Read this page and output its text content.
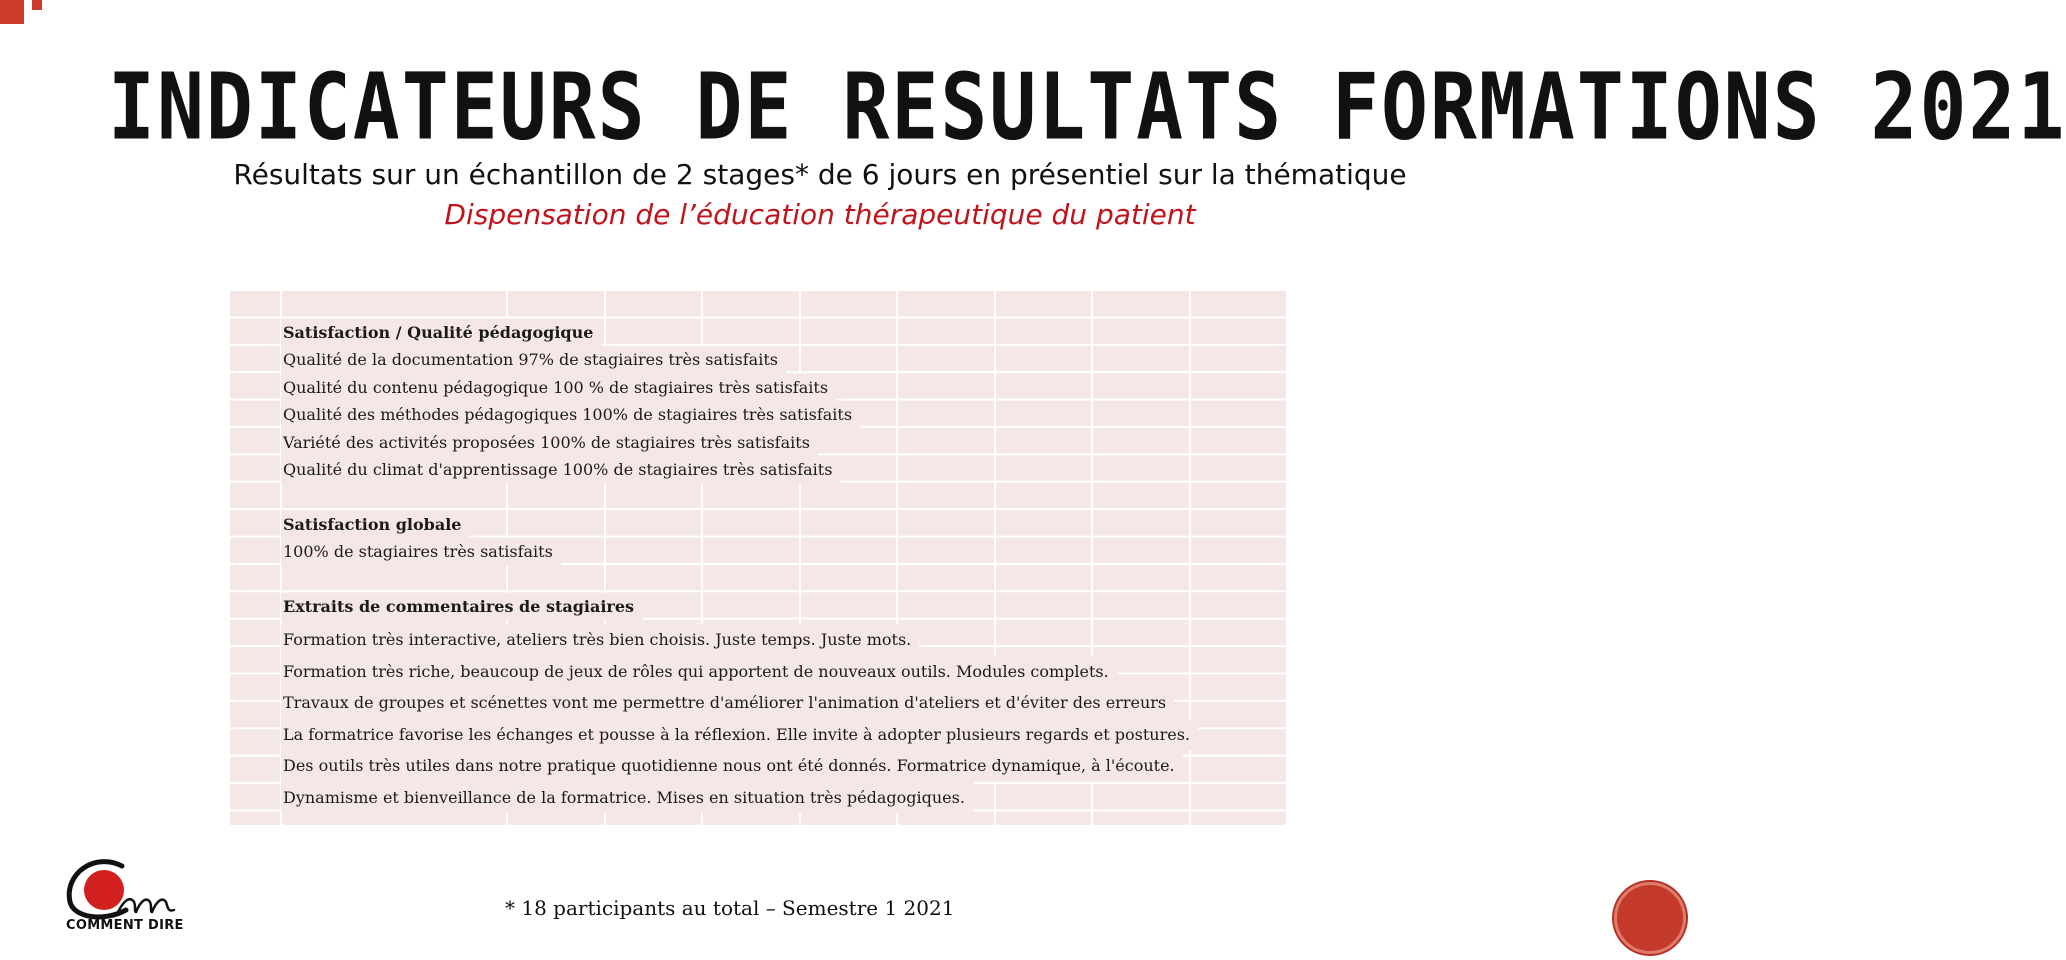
INDICATEURS DE RESULTATS FORMATIONS 2021
Résultats sur un échantillon de 2 stages* de 6 jours en présentiel sur la thématique
Dispensation de l’éducation thérapeutique du patient
Satisfaction / Qualité pédagogique
Qualité de la documentation 97% de stagiaires très satisfaits
Qualité du contenu pédagogique 100 % de stagiaires très satisfaits
Qualité des méthodes pédagogiques 100% de stagiaires très satisfaits
Variété des activités proposées 100% de stagiaires très satisfaits
Qualité du climat d'apprentissage 100% de stagiaires très satisfaits
Satisfaction globale
100% de stagiaires très satisfaits
Extraits de commentaires de stagiaires
Formation très interactive, ateliers très bien choisis. Juste temps. Juste mots.
Formation très riche, beaucoup de jeux de rôles qui apportent de nouveaux outils. Modules complets.
Travaux de groupes et scénettes vont me permettre d'améliorer l'animation d'ateliers et d'éviter des erreurs
La formatrice favorise les échanges et pousse à la réflexion. Elle invite à adopter plusieurs regards et postures.
Des outils très utiles dans notre pratique quotidienne nous ont été donnés. Formatrice dynamique, à l'écoute.
Dynamisme et bienveillance de la formatrice. Mises en situation très pédagogiques.
* 18 participants au total – Semestre 1 2021
COMMENT DIRE
